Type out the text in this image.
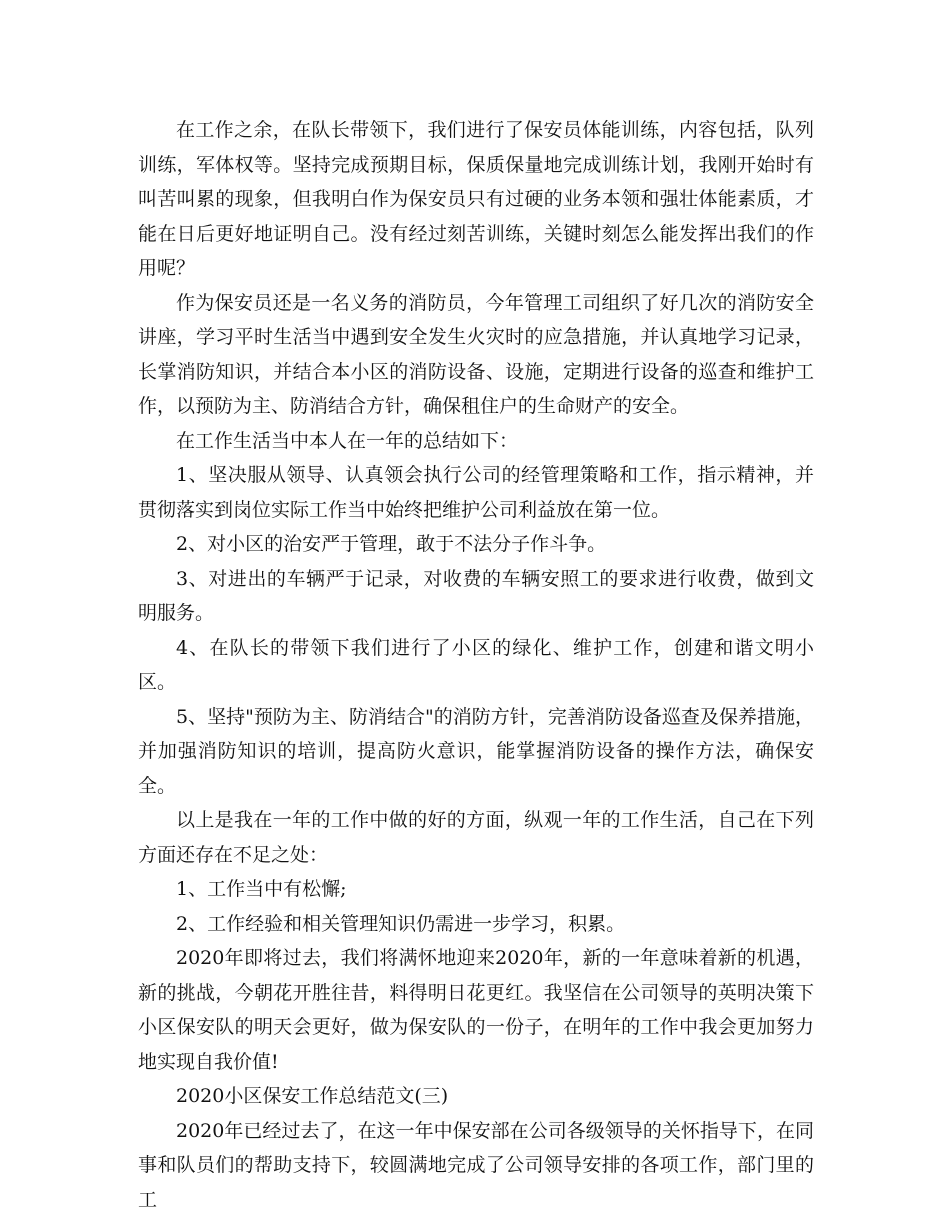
在工作之余，在队长带领下，我们进行了保安员体能训练，内容包括，队列训练，军体权等。坚持完成预期目标，保质保量地完成训练计划，我刚开始时有叫苦叫累的现象，但我明白作为保安员只有过硬的业务本领和强壮体能素质，才能在日后更好地证明自己。没有经过刻苦训练，关键时刻怎么能发挥出我们的作用呢？

作为保安员还是一名义务的消防员，今年管理工司组织了好几次的消防安全讲座，学习平时生活当中遇到安全发生火灾时的应急措施，并认真地学习记录，长掌消防知识，并结合本小区的消防设备、设施，定期进行设备的巡查和维护工作，以预防为主、防消结合方针，确保租住户的生命财产的安全。

在工作生活当中本人在一年的总结如下：

1、坚决服从领导、认真领会执行公司的经管理策略和工作，指示精神，并贯彻落实到岗位实际工作当中始终把维护公司利益放在第一位。

2、对小区的治安严于管理，敢于不法分子作斗争。

3、对进出的车辆严于记录，对收费的车辆安照工的要求进行收费，做到文明服务。

4、在队长的带领下我们进行了小区的绿化、维护工作，创建和谐文明小区。

5、坚持"预防为主、防消结合"的消防方针，完善消防设备巡查及保养措施，并加强消防知识的培训，提高防火意识，能掌握消防设备的操作方法，确保安全。

以上是我在一年的工作中做的好的方面，纵观一年的工作生活，自己在下列方面还存在不足之处：

1、工作当中有松懈;

2、工作经验和相关管理知识仍需进一步学习，积累。

2020年即将过去，我们将满怀地迎来2020年，新的一年意味着新的机遇，新的挑战，今朝花开胜往昔，料得明日花更红。我坚信在公司领导的英明决策下小区保安队的明天会更好，做为保安队的一份子，在明年的工作中我会更加努力地实现自我价值!

2020小区保安工作总结范文(三)

2020年已经过去了，在这一年中保安部在公司各级领导的关怀指导下，在同事和队员们的帮助支持下，较圆满地完成了公司领导安排的各项工作，部门里的工
